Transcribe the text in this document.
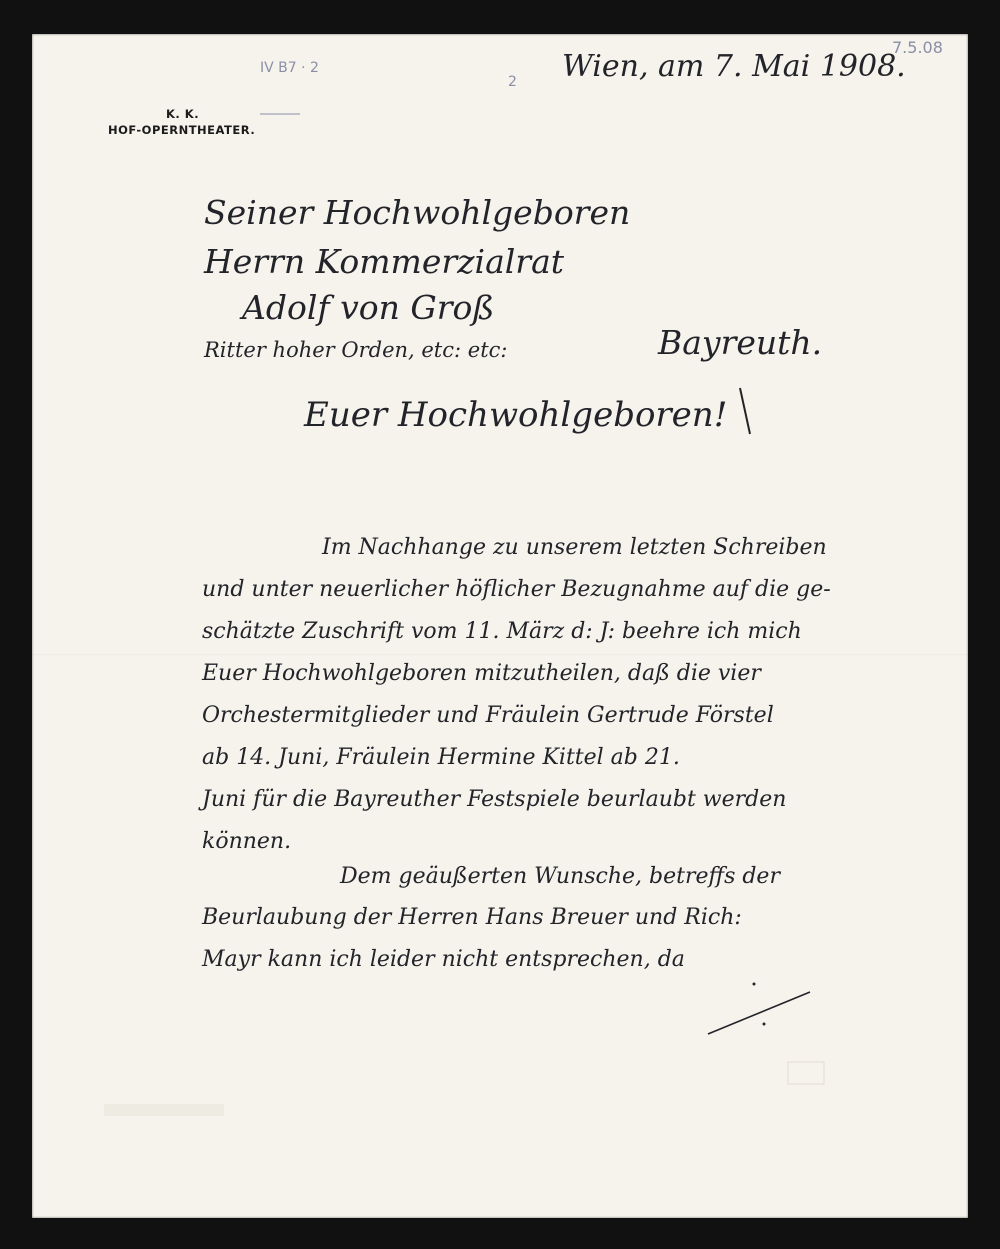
K. K.
HOF-OPERNTHEATER.
IV B7 · 2
2
7.5.08
Wien, am 7. Mai 1908.
Seiner Hochwohlgeboren
Herrn Kommerzialrat
Adolf von Groß
Ritter hoher Orden, etc: etc:	Bayreuth.
Euer Hochwohlgeboren!
Im Nachhange zu unserem letzten Schreiben
und unter neuerlicher höflicher Bezugnahme auf die ge-
schätzte Zuschrift vom 11. März d: J: beehre ich mich
Euer Hochwohlgeboren mitzutheilen, daß die vier
Orchestermitglieder und Fräulein Gertrude Förstel
ab 14. Juni, Fräulein Hermine Kittel ab 21.
Juni für die Bayreuther Festspiele beurlaubt werden
können.
Dem geäußerten Wunsche, betreffs der
Beurlaubung der Herren Hans Breuer und Rich:
Mayr kann ich leider nicht entsprechen, da
